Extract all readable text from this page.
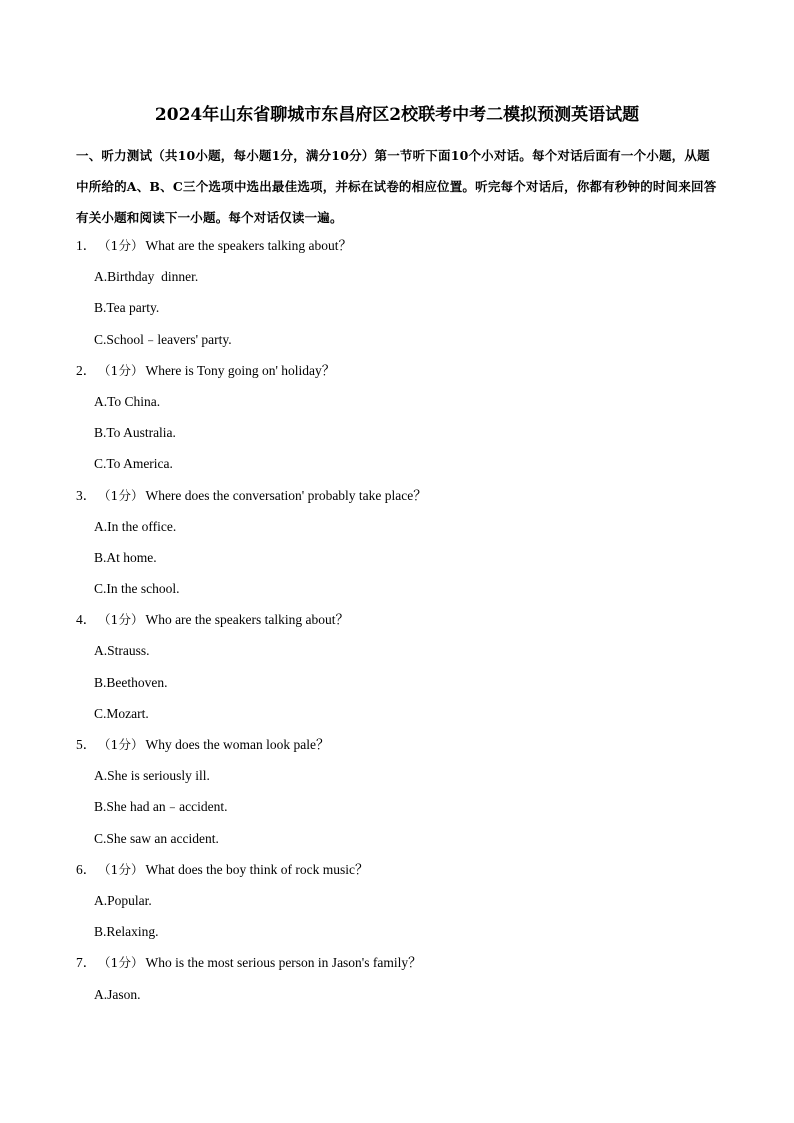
2024年山东省聊城市东昌府区2校联考中考二模拟预测英语试题
一、听力测试（共10小题，每小题1分，满分10分）第一节听下面10个小对话。每个对话后面有一个小题，从题中所给的A、B、C三个选项中选出最佳选项，并标在试卷的相应位置。听完每个对话后，你都有秒钟的时间来回答有关小题和阅读下一小题。每个对话仅读一遍。
1． （1分） What are the speakers talking about？
A.Birthday  dinner.
B.Tea party.
C.School﹣leavers' party.
2． （1分） Where is Tony going on' holiday？
A.To China.
B.To Australia.
C.To America.
3． （1分） Where does the conversation' probably take place？
A.In the office.
B.At home.
C.In the school.
4． （1分） Who are the speakers talking about？
A.Strauss.
B.Beethoven.
C.Mozart.
5． （1分） Why does the woman look pale？
A.She is seriously ill.
B.She had an﹣accident.
C.She saw an accident.
6． （1分） What does the boy think of rock music？
A.Popular.
B.Relaxing.
7． （1分） Who is the most serious person in Jason's family？
A.Jason.
